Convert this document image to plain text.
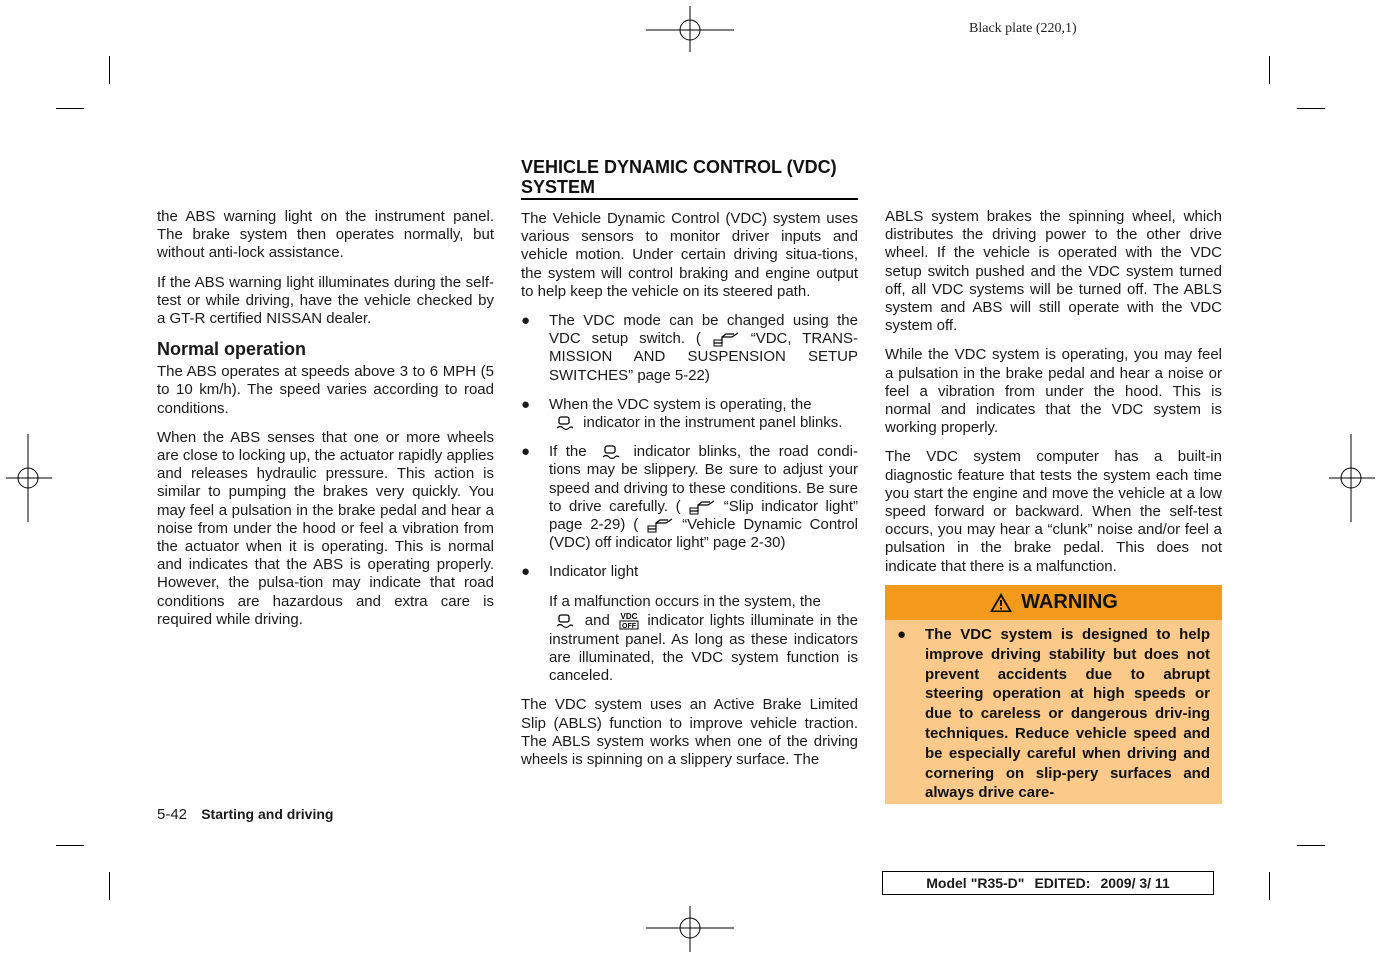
Black plate (220,1)

the ABS warning light on the instrument panel. The brake system then operates normally, but without anti-lock assistance.

If the ABS warning light illuminates during the self-test or while driving, have the vehicle checked by a GT-R certified NISSAN dealer.

Normal operation

The ABS operates at speeds above 3 to 6 MPH (5 to 10 km/h). The speed varies according to road conditions.

When the ABS senses that one or more wheels are close to locking up, the actuator rapidly applies and releases hydraulic pressure. This action is similar to pumping the brakes very quickly. You may feel a pulsation in the brake pedal and hear a noise from under the hood or feel a vibration from the actuator when it is operating. This is normal and indicates that the ABS is operating properly. However, the pulsa-tion may indicate that road conditions are hazardous and extra care is required while driving.

VEHICLE DYNAMIC CONTROL (VDC) SYSTEM

The Vehicle Dynamic Control (VDC) system uses various sensors to monitor driver inputs and vehicle motion. Under certain driving situa-tions, the system will control braking and engine output to help keep the vehicle on its steered path.

● The VDC mode can be changed using the VDC setup switch. (	“VDC, TRANS-MISSION AND SUSPENSION SETUP SWITCHES” page 5-22)
● When the VDC system is operating, the
indicator in the instrument panel blinks.
● If the	indicator blinks, the road condi-tions may be slippery. Be sure to adjust your speed and driving to these conditions. Be sure to drive carefully. (	“Slip indicator light” page 2-29) (	“Vehicle Dynamic Control (VDC) off indicator light” page 2-30)
● Indicator light

If a malfunction occurs in the system, the
and VDC
OFF indicator lights illuminate in the instrument panel. As long as these indicators are illuminated, the VDC system function is canceled.

The VDC system uses an Active Brake Limited Slip (ABLS) function to improve vehicle traction. The ABLS system works when one of the driving wheels is spinning on a slippery surface. The

ABLS system brakes the spinning wheel, which distributes the driving power to the other drive wheel. If the vehicle is operated with the VDC setup switch pushed and the VDC system turned off, all VDC systems will be turned off. The ABLS system and ABS will still operate with the VDC system off.

While the VDC system is operating, you may feel a pulsation in the brake pedal and hear a noise or feel a vibration from under the hood. This is normal and indicates that the VDC system is working properly.

The VDC system computer has a built-in diagnostic feature that tests the system each time you start the engine and move the vehicle at a low speed forward or backward. When the self-test occurs, you may hear a “clunk” noise and/or feel a pulsation in the brake pedal. This does not indicate that there is a malfunction.

WARNING
● The VDC system is designed to help improve driving stability but does not prevent accidents due to abrupt steering operation at high speeds or due to careless or dangerous driv-ing techniques. Reduce vehicle speed and be especially careful when driving and cornering on slip-pery surfaces and always drive care-
5-42 Starting and driving
Model "R35-D" EDITED: 2009/ 3/ 11
